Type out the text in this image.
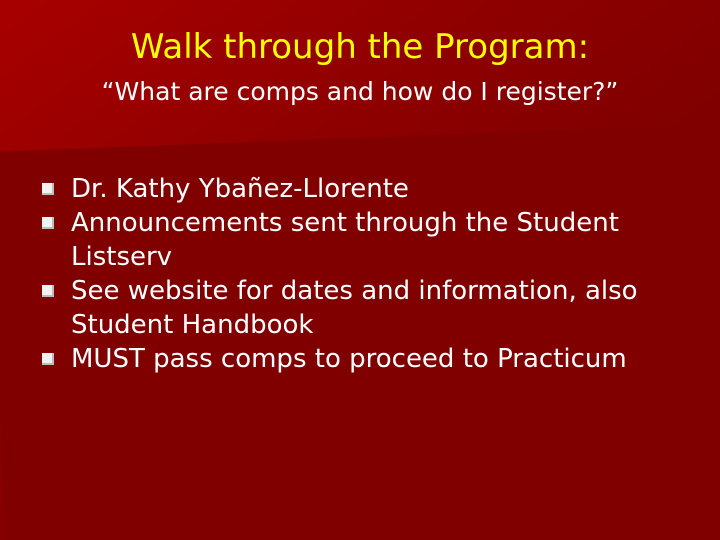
Walk through the Program:
“What are comps and how do I register?”
Dr. Kathy Ybañez-Llorente
Announcements sent through the Student Listserv
See website for dates and information, also Student Handbook
MUST pass comps to proceed to Practicum
